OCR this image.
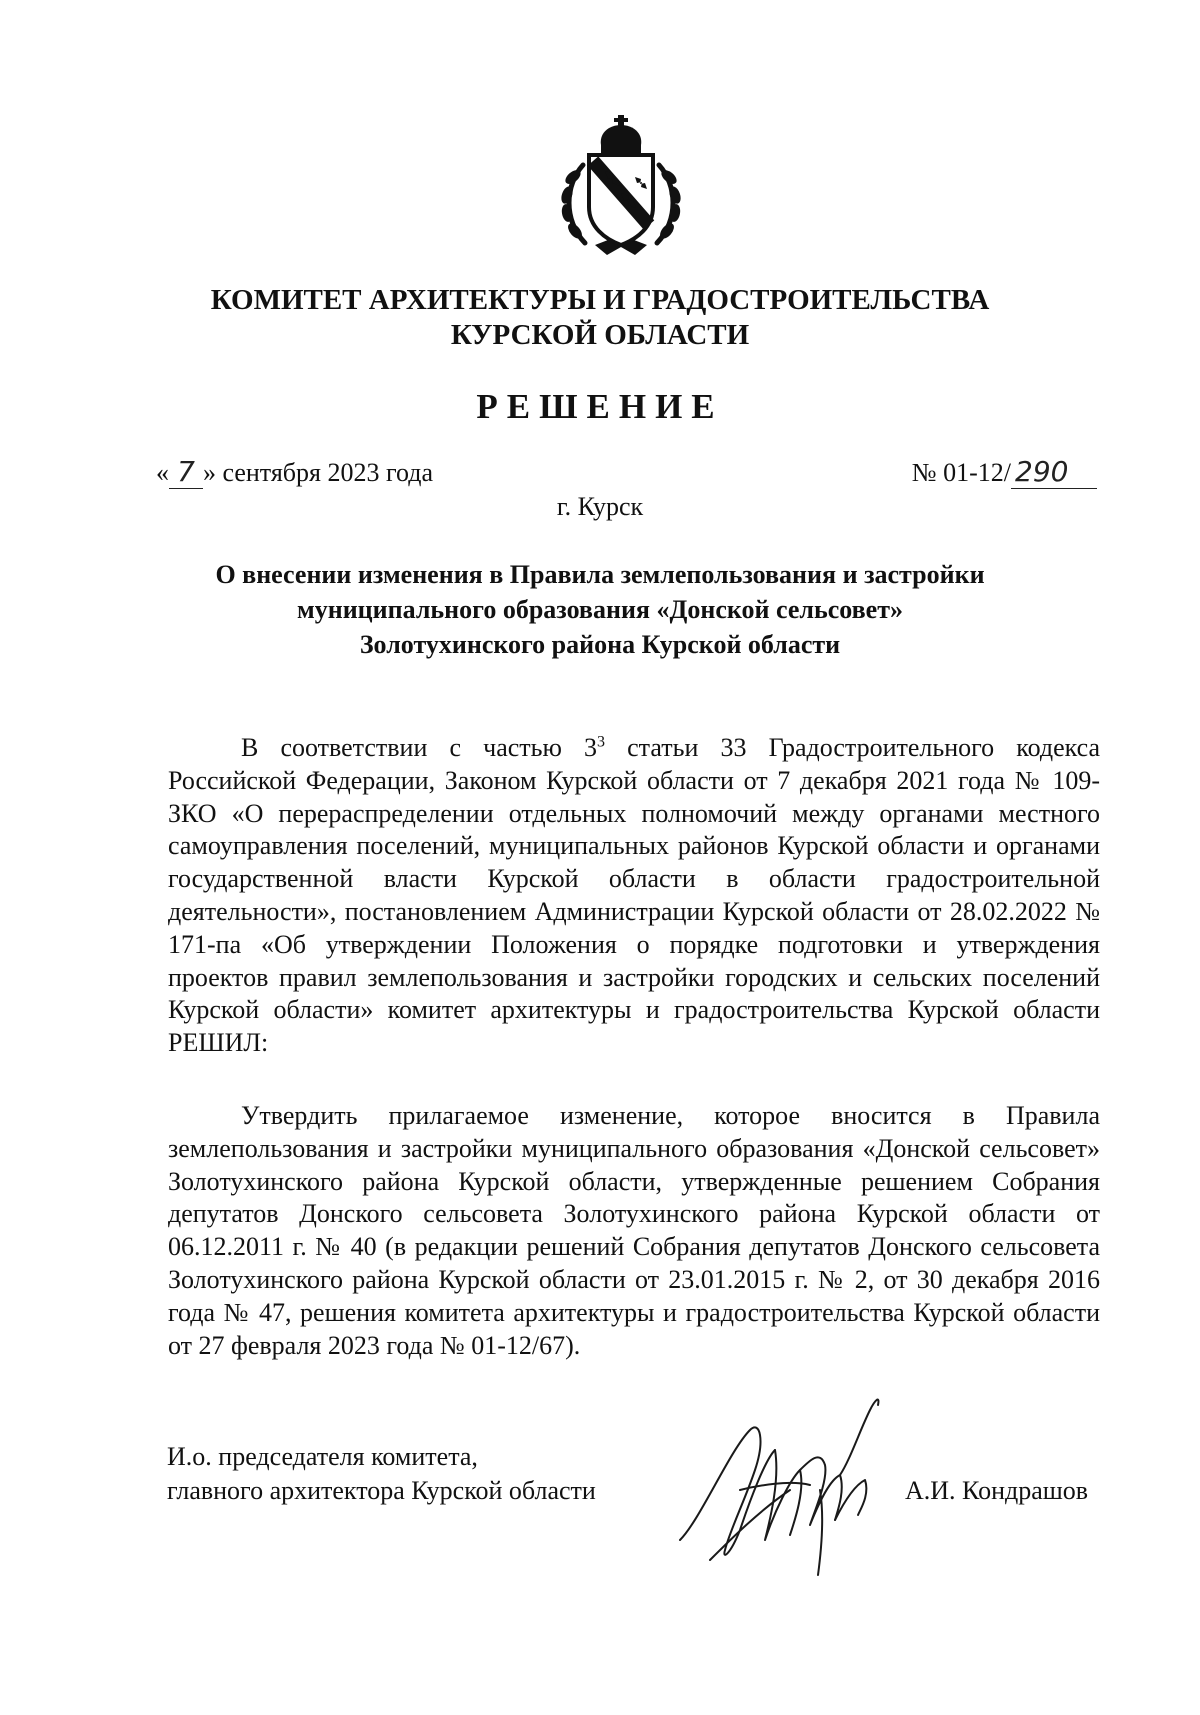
КОМИТЕТ АРХИТЕКТУРЫ И ГРАДОСТРОИТЕЛЬСТВА
КУРСКОЙ ОБЛАСТИ
РЕШЕНИЕ
« 7 » сентября 2023 года	№ 01-12/ 290
г. Курск
О внесении изменения в Правила землепользования и застройки
муниципального образования «Донской сельсовет»
Золотухинского района Курской области

В соответствии с частью $3^3$ статьи 33 Градостроительного кодекса Российской Федерации, Законом Курской области от 7 декабря 2021 года № 109-ЗКО «О перераспределении отдельных полномочий между органами местного самоуправления поселений, муниципальных районов Курской области и органами государственной власти Курской области в области градостроительной деятельности», постановлением Администрации Курской области от 28.02.2022 № 171-па «Об утверждении Положения о порядке подготовки и утверждения проектов правил землепользования и застройки городских и сельских поселений Курской области» комитет архитектуры и градостроительства Курской области РЕШИЛ:

Утвердить прилагаемое изменение, которое вносится в Правила землепользования и застройки муниципального образования «Донской сельсовет» Золотухинского района Курской области, утвержденные решением Собрания депутатов Донского сельсовета Золотухинского района Курской области от 06.12.2011 г. № 40 (в редакции решений Собрания депутатов Донского сельсовета Золотухинского района Курской области от 23.01.2015 г. № 2, от 30 декабря 2016 года № 47, решения комитета архитектуры и градостроительства Курской области от 27 февраля 2023 года № 01-12/67).

И.о. председателя комитета,
главного архитектора Курской области	А.И. Кондрашов
